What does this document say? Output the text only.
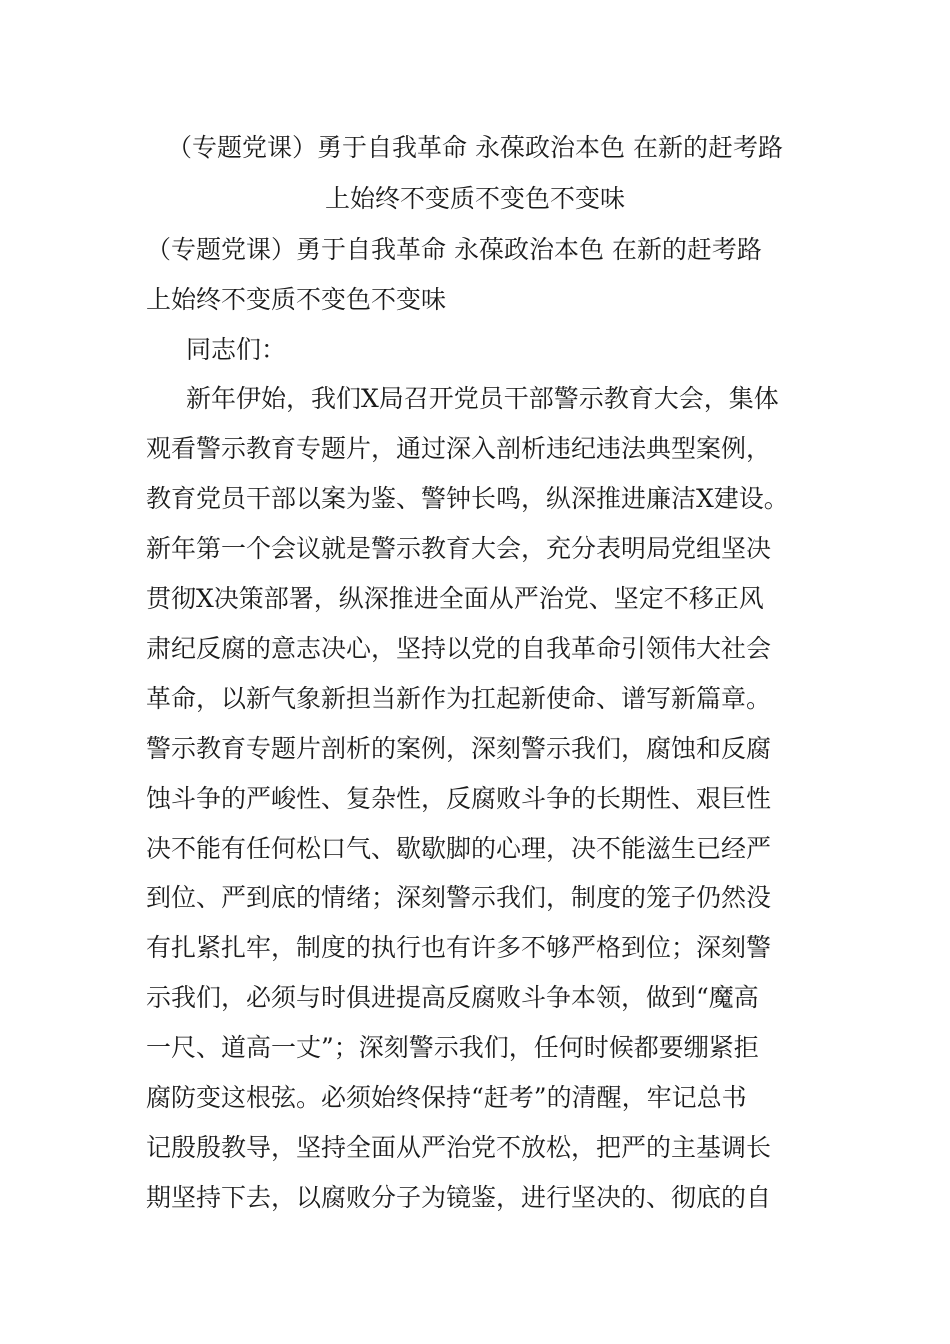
（专题党课）勇于自我革命 永葆政治本色 在新的赶考路
上始终不变质不变色不变味
（专题党课）勇于自我革命 永葆政治本色 在新的赶考路
上始终不变质不变色不变味
同志们：
新年伊始，我们X局召开党员干部警示教育大会，集体
观看警示教育专题片，通过深入剖析违纪违法典型案例，
教育党员干部以案为鉴、警钟长鸣，纵深推进廉洁X建设。
新年第一个会议就是警示教育大会，充分表明局党组坚决
贯彻X决策部署，纵深推进全面从严治党、坚定不移正风
肃纪反腐的意志决心，坚持以党的自我革命引领伟大社会
革命，以新气象新担当新作为扛起新使命、谱写新篇章。
警示教育专题片剖析的案例，深刻警示我们，腐蚀和反腐
蚀斗争的严峻性、复杂性，反腐败斗争的长期性、艰巨性
决不能有任何松口气、歇歇脚的心理，决不能滋生已经严
到位、严到底的情绪；深刻警示我们，制度的笼子仍然没
有扎紧扎牢，制度的执行也有许多不够严格到位；深刻警
示我们，必须与时俱进提高反腐败斗争本领，做到“魔高
一尺、道高一丈”；深刻警示我们，任何时候都要绷紧拒
腐防变这根弦。必须始终保持“赶考”的清醒，牢记总书
记殷殷教导，坚持全面从严治党不放松，把严的主基调长
期坚持下去，以腐败分子为镜鉴，进行坚决的、彻底的自
